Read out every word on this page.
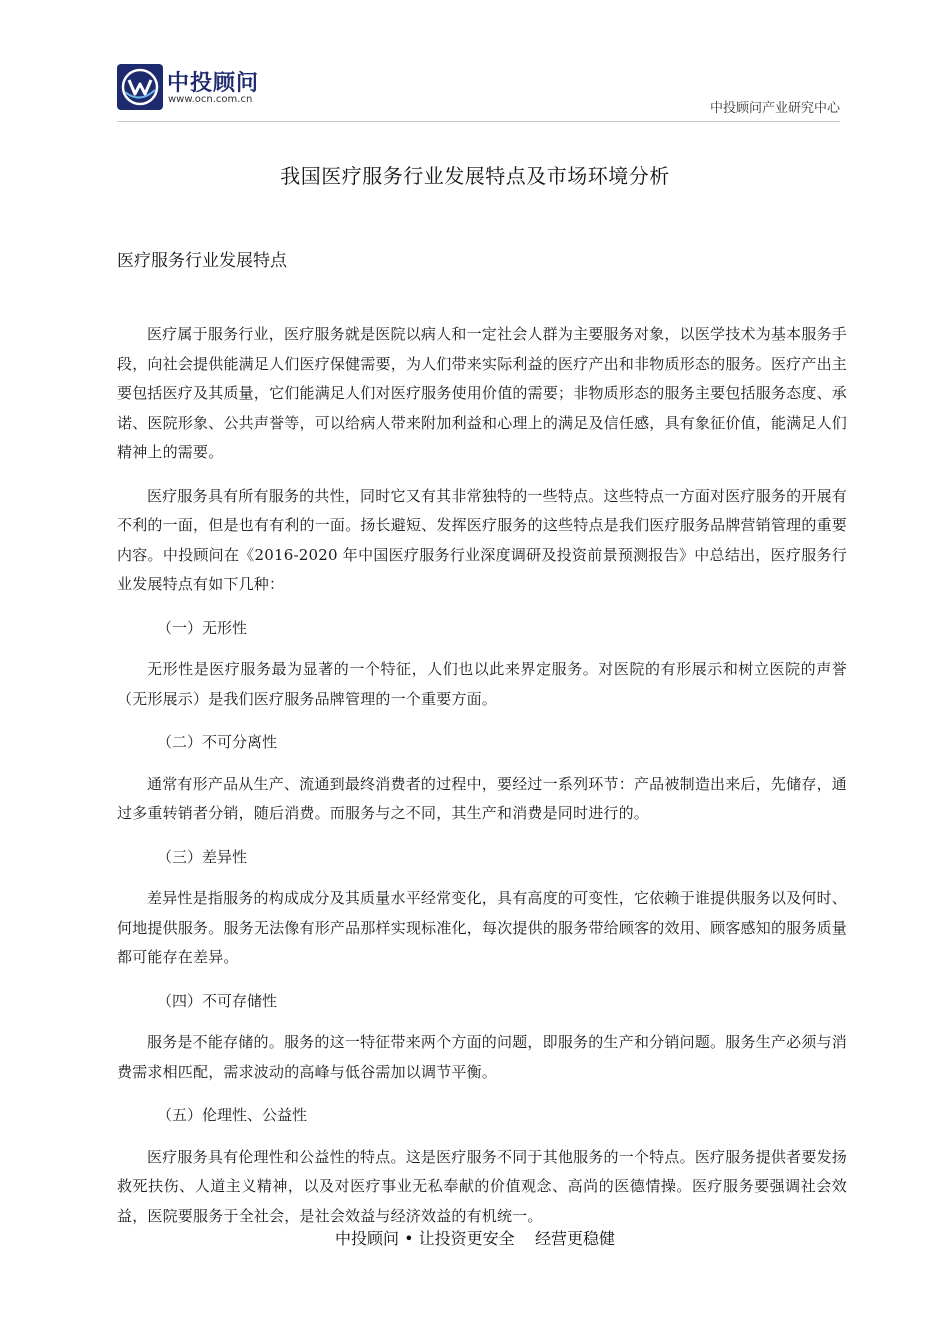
中投顾问
www.ocn.com.cn
中投顾问产业研究中心
我国医疗服务行业发展特点及市场环境分析
医疗服务行业发展特点

医疗属于服务行业，医疗服务就是医院以病人和一定社会人群为主要服务对象，以医学技术为基本服务手段，向社会提供能满足人们医疗保健需要，为人们带来实际利益的医疗产出和非物质形态的服务。医疗产出主要包括医疗及其质量，它们能满足人们对医疗服务使用价值的需要；非物质形态的服务主要包括服务态度、承诺、医院形象、公共声誉等，可以给病人带来附加利益和心理上的满足及信任感，具有象征价值，能满足人们精神上的需要。

医疗服务具有所有服务的共性，同时它又有其非常独特的一些特点。这些特点一方面对医疗服务的开展有不利的一面，但是也有有利的一面。扬长避短、发挥医疗服务的这些特点是我们医疗服务品牌营销管理的重要内容。中投顾问在《2016-2020 年中国医疗服务行业深度调研及投资前景预测报告》中总结出，医疗服务行业发展特点有如下几种：

（一）无形性

无形性是医疗服务最为显著的一个特征，人们也以此来界定服务。对医院的有形展示和树立医院的声誉（无形展示）是我们医疗服务品牌管理的一个重要方面。

（二）不可分离性

通常有形产品从生产、流通到最终消费者的过程中，要经过一系列环节：产品被制造出来后，先储存，通过多重转销者分销，随后消费。而服务与之不同，其生产和消费是同时进行的。

（三）差异性

差异性是指服务的构成成分及其质量水平经常变化，具有高度的可变性，它依赖于谁提供服务以及何时、何地提供服务。服务无法像有形产品那样实现标准化，每次提供的服务带给顾客的效用、顾客感知的服务质量都可能存在差异。

（四）不可存储性

服务是不能存储的。服务的这一特征带来两个方面的问题，即服务的生产和分销问题。服务生产必须与消费需求相匹配，需求波动的高峰与低谷需加以调节平衡。

（五）伦理性、公益性

医疗服务具有伦理性和公益性的特点。这是医疗服务不同于其他服务的一个特点。医疗服务提供者要发扬救死扶伤、人道主义精神，以及对医疗事业无私奉献的价值观念、高尚的医德情操。医疗服务要强调社会效益，医院要服务于全社会，是社会效益与经济效益的有机统一。

中投顾问 • 让投资更安全    经营更稳健
